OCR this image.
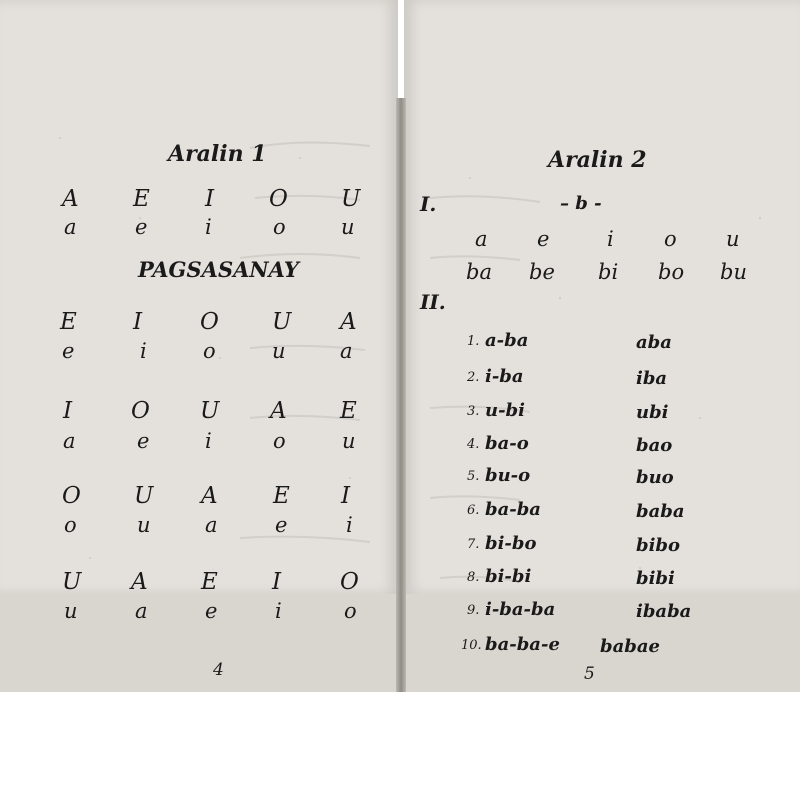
Aralin 1
A E I O U
a	e	i	o	u
PAGSASANAY
E I	O U A
e	i	o	u	a
I	O U A E
a	e	i	o	u
O U A E I
o	u	a	e	i
U A E I	O
u	a	e	i	o
4
Aralin 2
I.	– b -
a e	i o u
ba be bi bo bu
II.
1. a-ba	aba
2. i-ba	iba
3. u-bi	ubi
4. ba-o	bao
5. bu-o	buo
6. ba-ba	baba
7. bi-bo	bibo
8. bi-bi	bibi
9. i-ba-ba	ibaba
10. ba-ba-e babae
5
